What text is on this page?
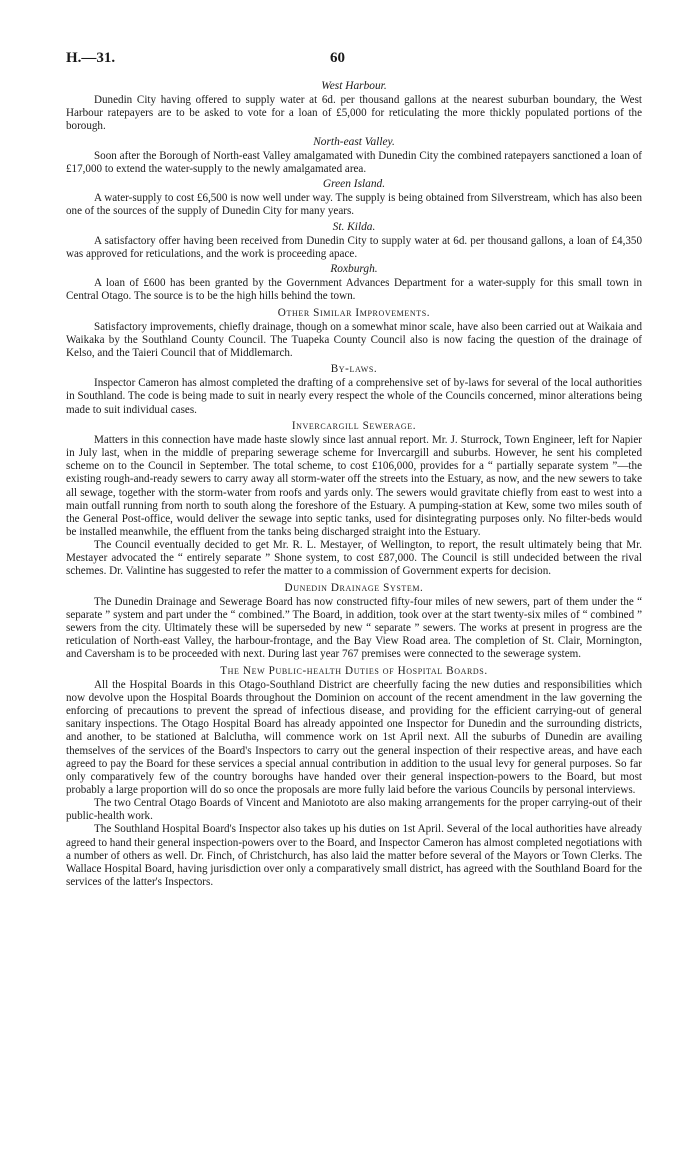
H.—31.	60
West Harbour.

Dunedin City having offered to supply water at 6d. per thousand gallons at the nearest suburban boundary, the West Harbour ratepayers are to be asked to vote for a loan of £5,000 for reticulating the more thickly populated portions of the borough.

North-east Valley.

Soon after the Borough of North-east Valley amalgamated with Dunedin City the combined ratepayers sanctioned a loan of £17,000 to extend the water-supply to the newly amalgamated area.

Green Island.

A water-supply to cost £6,500 is now well under way. The supply is being obtained from Silverstream, which has also been one of the sources of the supply of Dunedin City for many years.

St. Kilda.

A satisfactory offer having been received from Dunedin City to supply water at 6d. per thousand gallons, a loan of £4,350 was approved for reticulations, and the work is proceeding apace.

Roxburgh.

A loan of £600 has been granted by the Government Advances Department for a water-supply for this small town in Central Otago. The source is to be the high hills behind the town.

Other Similar Improvements.

Satisfactory improvements, chiefly drainage, though on a somewhat minor scale, have also been carried out at Waikaia and Waikaka by the Southland County Council. The Tuapeka County Council also is now facing the question of the drainage of Kelso, and the Taieri Council that of Middlemarch.

By-laws.

Inspector Cameron has almost completed the drafting of a comprehensive set of by-laws for several of the local authorities in Southland. The code is being made to suit in nearly every respect the whole of the Councils concerned, minor alterations being made to suit individual cases.

Invercargill Sewerage.

Matters in this connection have made haste slowly since last annual report. Mr. J. Sturrock, Town Engineer, left for Napier in July last, when in the middle of preparing sewerage scheme for Invercargill and suburbs. However, he sent his completed scheme on to the Council in September. The total scheme, to cost £106,000, provides for a “ partially separate system ”—the existing rough-and-ready sewers to carry away all storm-water off the streets into the Estuary, as now, and the new sewers to take all sewage, together with the storm-water from roofs and yards only. The sewers would gravitate chiefly from east to west into a main outfall running from north to south along the foreshore of the Estuary. A pumping-station at Kew, some two miles south of the General Post-office, would deliver the sewage into septic tanks, used for disintegrating purposes only. No filter-beds would be installed meanwhile, the effluent from the tanks being discharged straight into the Estuary.

The Council eventually decided to get Mr. R. L. Mestayer, of Wellington, to report, the result ultimately being that Mr. Mestayer advocated the “ entirely separate ” Shone system, to cost £87,000. The Council is still undecided between the rival schemes. Dr. Valintine has suggested to refer the matter to a commission of Government experts for decision.

Dunedin Drainage System.

The Dunedin Drainage and Sewerage Board has now constructed fifty-four miles of new sewers, part of them under the “ separate ” system and part under the “ combined.” The Board, in addition, took over at the start twenty-six miles of “ combined ” sewers from the city. Ultimately these will be superseded by new “ separate ” sewers. The works at present in progress are the reticulation of North-east Valley, the harbour-frontage, and the Bay View Road area. The completion of St. Clair, Mornington, and Caversham is to be proceeded with next. During last year 767 premises were connected to the sewerage system.

The New Public-health Duties of Hospital Boards.

All the Hospital Boards in this Otago-Southland District are cheerfully facing the new duties and responsibilities which now devolve upon the Hospital Boards throughout the Dominion on account of the recent amendment in the law governing the enforcing of precautions to prevent the spread of infectious disease, and providing for the efficient carrying-out of general sanitary inspections. The Otago Hospital Board has already appointed one Inspector for Dunedin and the surrounding districts, and another, to be stationed at Balclutha, will commence work on 1st April next. All the suburbs of Dunedin are availing themselves of the services of the Board's Inspectors to carry out the general inspection of their respective areas, and have each agreed to pay the Board for these services a special annual contribution in addition to the usual levy for general purposes. So far only comparatively few of the country boroughs have handed over their general inspection-powers to the Board, but most probably a large proportion will do so once the proposals are more fully laid before the various Councils by personal interviews.

The two Central Otago Boards of Vincent and Maniototo are also making arrangements for the proper carrying-out of their public-health work.

The Southland Hospital Board's Inspector also takes up his duties on 1st April. Several of the local authorities have already agreed to hand their general inspection-powers over to the Board, and Inspector Cameron has almost completed negotiations with a number of others as well. Dr. Finch, of Christchurch, has also laid the matter before several of the Mayors or Town Clerks. The Wallace Hospital Board, having jurisdiction over only a comparatively small district, has agreed with the Southland Board for the services of the latter's Inspectors.
